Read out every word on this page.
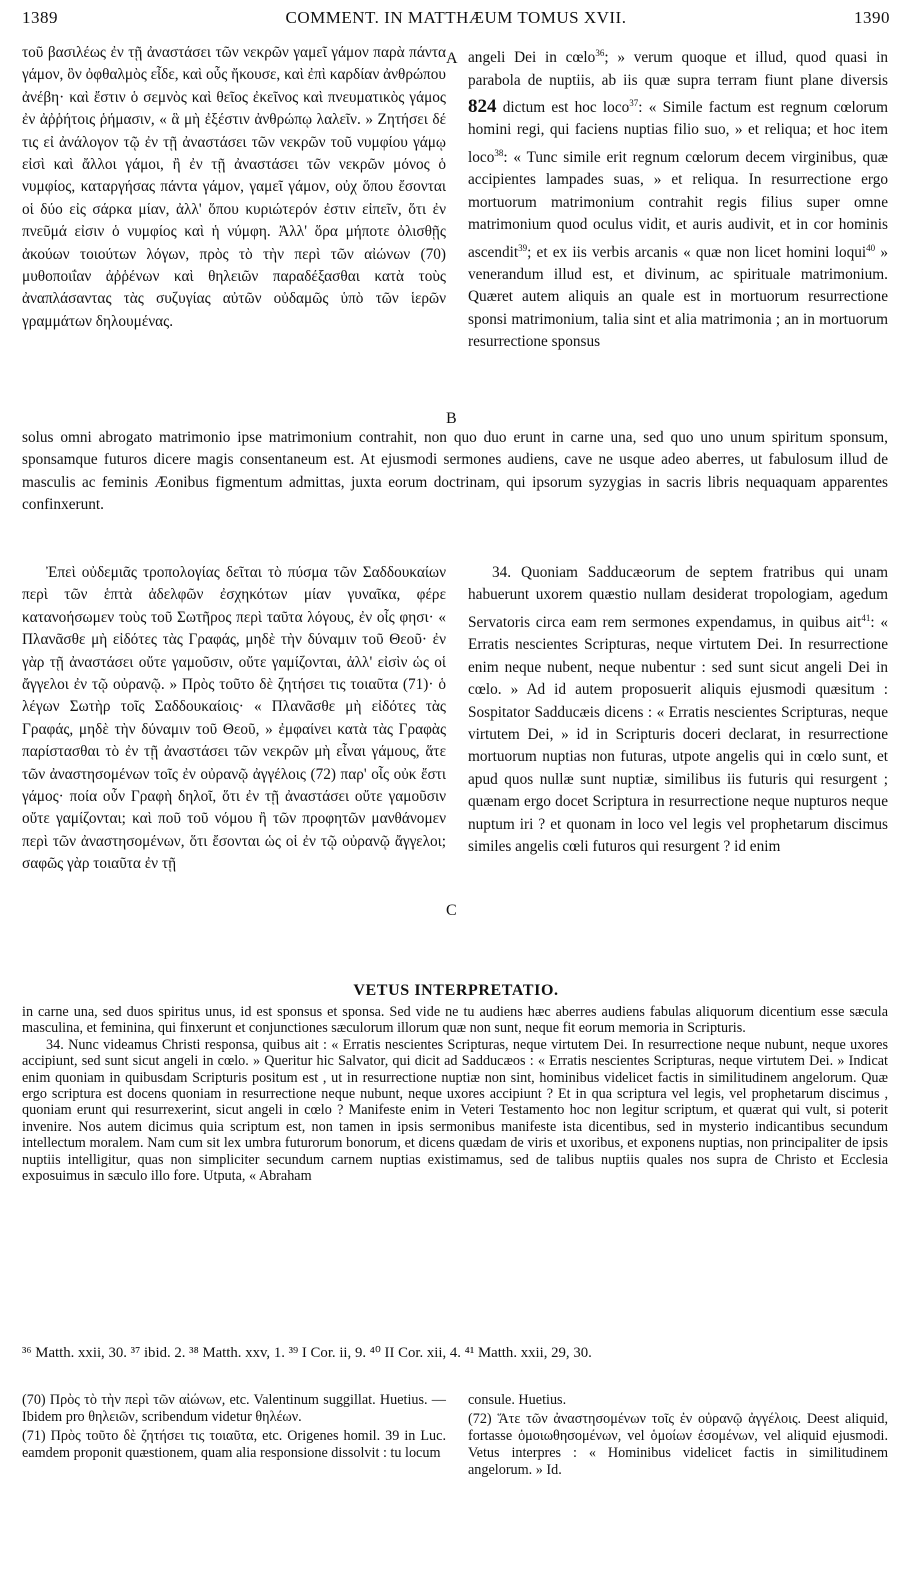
1389	COMMENT. IN MATTHÆUM TOMUS XVII.	1390

τοῦ βασιλέως ἐν τῇ ἀναστάσει τῶν νεκρῶν γαμεῖ γάμον παρὰ πάντα γάμον, ὃν ὀφθαλμὸς εἶδε, καὶ οὖς ἤκουσε, καὶ ἐπὶ καρδίαν ἀνθρώπου ἀνέβη· καὶ ἔστιν ὁ σεμνὸς καὶ θεῖος ἐκεῖνος καὶ πνευματικὸς γάμος ἐν ἀῤῥήτοις ῥήμασιν, « ἃ μὴ ἐξέστιν ἀνθρώπῳ λαλεῖν. » Ζητήσει δέ τις εἰ ἀνάλογον τῷ ἐν τῇ ἀναστάσει τῶν νεκρῶν τοῦ νυμφίου γάμῳ εἰσὶ καὶ ἄλλοι γάμοι, ἢ ἐν τῇ ἀναστάσει τῶν νεκρῶν μόνος ὁ νυμφίος, καταργήσας πάντα γάμον, γαμεῖ γάμον, οὐχ ὅπου ἔσονται οἱ δύο εἰς σάρκα μίαν, ἀλλ' ὅπου κυριώτερόν ἐστιν εἰπεῖν, ὅτι ἐν πνεῦμά εἰσιν ὁ νυμφίος καὶ ἡ νύμφη. Ἀλλ' ὅρα μήποτε ὀλισθῇς ἀκούων τοιούτων λόγων, πρὸς τὸ τὴν περὶ τῶν αἰώνων (70) μυθοποιΐαν ἀῤῥένων καὶ θηλειῶν παραδέξασθαι κατὰ τοὺς ἀναπλάσαντας τὰς συζυγίας αὐτῶν οὐδαμῶς ὑπὸ τῶν ἱερῶν γραμμάτων δηλουμένας.

A
B

angeli Dei in cœlo$^{36}$; » verum quoque et illud, quod quasi in parabola de nuptiis, ab iis quæ supra terram fiunt plane diversis 824 dictum est hoc loco$^{37}$: « Simile factum est regnum cœlorum homini regi, qui faciens nuptias filio suo, » et reliqua; et hoc item loco$^{38}$: « Tunc simile erit regnum cœlorum decem virginibus, quæ accipientes lampades suas, » et reliqua. In resurrectione ergo mortuorum matrimonium contrahit regis filius super omne matrimonium quod oculus vidit, et auris audivit, et in cor hominis ascendit$^{39}$; et ex iis verbis arcanis « quæ non licet homini loqui$^{40}$ » venerandum illud est, et divinum, ac spirituale matrimonium. Quæret autem aliquis an quale est in mortuorum resurrectione sponsi matrimonium, talia sint et alia matrimonia ; an in mortuorum resurrectione sponsus

solus omni abrogato matrimonio ipse matrimonium contrahit, non quo duo erunt in carne una, sed quo uno unum spiritum sponsum, sponsamque futuros dicere magis consentaneum est. At ejusmodi sermones audiens, cave ne usque adeo aberres, ut fabulosum illud de masculis ac feminis Æonibus figmentum admittas, juxta eorum doctrinam, qui ipsorum syzygias in sacris libris nequaquam apparentes confinxerunt.

Ἐπεὶ οὐδεμιᾶς τροπολογίας δεῖται τὸ πύσμα τῶν Σαδδουκαίων περὶ τῶν ἑπτὰ ἀδελφῶν ἐσχηκότων μίαν γυναῖκα, φέρε κατανοήσωμεν τοὺς τοῦ Σωτῆρος περὶ ταῦτα λόγους, ἐν οἷς φησι· « Πλανᾶσθε μὴ εἰδότες τὰς Γραφάς, μηδὲ τὴν δύναμιν τοῦ Θεοῦ· ἐν γὰρ τῇ ἀναστάσει οὔτε γαμοῦσιν, οὔτε γαμίζονται, ἀλλ' εἰσὶν ὡς οἱ ἄγγελοι ἐν τῷ οὐρανῷ. » Πρὸς τοῦτο δὲ ζητήσει τις τοιαῦτα (71)· ὁ λέγων Σωτὴρ τοῖς Σαδδουκαίοις· « Πλανᾶσθε μὴ εἰδότες τὰς Γραφάς, μηδὲ τὴν δύναμιν τοῦ Θεοῦ, » ἐμφαίνει κατὰ τὰς Γραφὰς παρίστασθαι τὸ ἐν τῇ ἀναστάσει τῶν νεκρῶν μὴ εἶναι γάμους, ἅτε τῶν ἀναστησομένων τοῖς ἐν οὐρανῷ ἀγγέλοις (72) παρ' οἷς οὐκ ἔστι γάμος· ποία οὖν Γραφὴ δηλοῖ, ὅτι ἐν τῇ ἀναστάσει οὔτε γαμοῦσιν οὔτε γαμίζονται; καὶ ποῦ τοῦ νόμου ἢ τῶν προφητῶν μανθάνομεν περὶ τῶν ἀναστησομένων, ὅτι ἔσονται ὡς οἱ ἐν τῷ οὐρανῷ ἄγγελοι; σαφῶς γὰρ τοιαῦτα ἐν τῇ

C

34. Quoniam Sadducæorum de septem fratribus qui unam habuerunt uxorem quæstio nullam desiderat tropologiam, agedum Servatoris circa eam rem sermones expendamus, in quibus ait$^{41}$: « Erratis nescientes Scripturas, neque virtutem Dei. In resurrectione enim neque nubent, neque nubentur : sed sunt sicut angeli Dei in cœlo. » Ad id autem proposuerit aliquis ejusmodi quæsitum : Sospitator Sadducæis dicens : « Erratis nescientes Scripturas, neque virtutem Dei, » id in Scripturis doceri declarat, in resurrectione mortuorum nuptias non futuras, utpote angelis qui in cœlo sunt, et apud quos nullæ sunt nuptiæ, similibus iis futuris qui resurgent ; quænam ergo docet Scriptura in resurrectione neque nupturos neque nuptum iri ? et quonam in loco vel legis vel prophetarum discimus similes angelis cœli futuros qui resurgent ? id enim

VETUS INTERPRETATIO.

in carne una, sed duos spiritus unus, id est sponsus et sponsa. Sed vide ne tu audiens hæc aberres audiens fabulas aliquorum dicentium esse sæcula masculina, et feminina, qui finxerunt et conjunctiones sæculorum illorum quæ non sunt, neque fit eorum memoria in Scripturis.

34. Nunc videamus Christi responsa, quibus ait : « Erratis nescientes Scripturas, neque virtutem Dei. In resurrectione neque nubunt, neque uxores accipiunt, sed sunt sicut angeli in cœlo. » Queritur hic Salvator, qui dicit ad Sadducæos : « Erratis nescientes Scripturas, neque virtutem Dei. » Indicat enim quoniam in quibusdam Scripturis positum est , ut in resurrectione nuptiæ non sint, hominibus videlicet factis in similitudinem angelorum. Quæ ergo scriptura est docens quoniam in resurrectione neque nubunt, neque uxores accipiunt ? Et in qua scriptura vel legis, vel prophetarum discimus , quoniam erunt qui resurrexerint, sicut angeli in cœlo ? Manifeste enim in Veteri Testamento hoc non legitur scriptum, et quærat qui vult, si poterit invenire. Nos autem dicimus quia scriptum est, non tamen in ipsis sermonibus manifeste ista dicentibus, sed in mysterio indicantibus secundum intellectum moralem. Nam cum sit lex umbra futurorum bonorum, et dicens quædam de viris et uxoribus, et exponens nuptias, non principaliter de ipsis nuptiis intelligitur, quas non simpliciter secundum carnem nuptias existimamus, sed de talibus nuptiis quales nos supra de Christo et Ecclesia exposuimus in sæculo illo fore. Utputa, « Abraham

³⁶ Matth. xxii, 30. ³⁷ ibid. 2. ³⁸ Matth. xxv, 1. ³⁹ I Cor. ii, 9. ⁴⁰ II Cor. xii, 4. ⁴¹ Matth. xxii, 29, 30.

(70) Πρὸς τὸ τὴν περὶ τῶν αἰώνων, etc. Valentinum suggillat. Huetius. — Ibidem pro θηλειῶν, scribendum videtur θηλέων.

(71) Πρὸς τοῦτο δὲ ζητήσει τις τοιαῦτα, etc. Origenes homil. 39 in Luc. eamdem proponit quæstionem, quam alia responsione dissolvit : tu locum

consule. Huetius.

(72) Ἅτε τῶν ἀναστησομένων τοῖς ἐν οὐρανῷ ἀγγέλοις. Deest aliquid, fortasse ὁμοιωθησομένων, vel ὁμοίων ἐσομένων, vel aliquid ejusmodi. Vetus interpres : « Hominibus videlicet factis in similitudinem angelorum. » Id.
